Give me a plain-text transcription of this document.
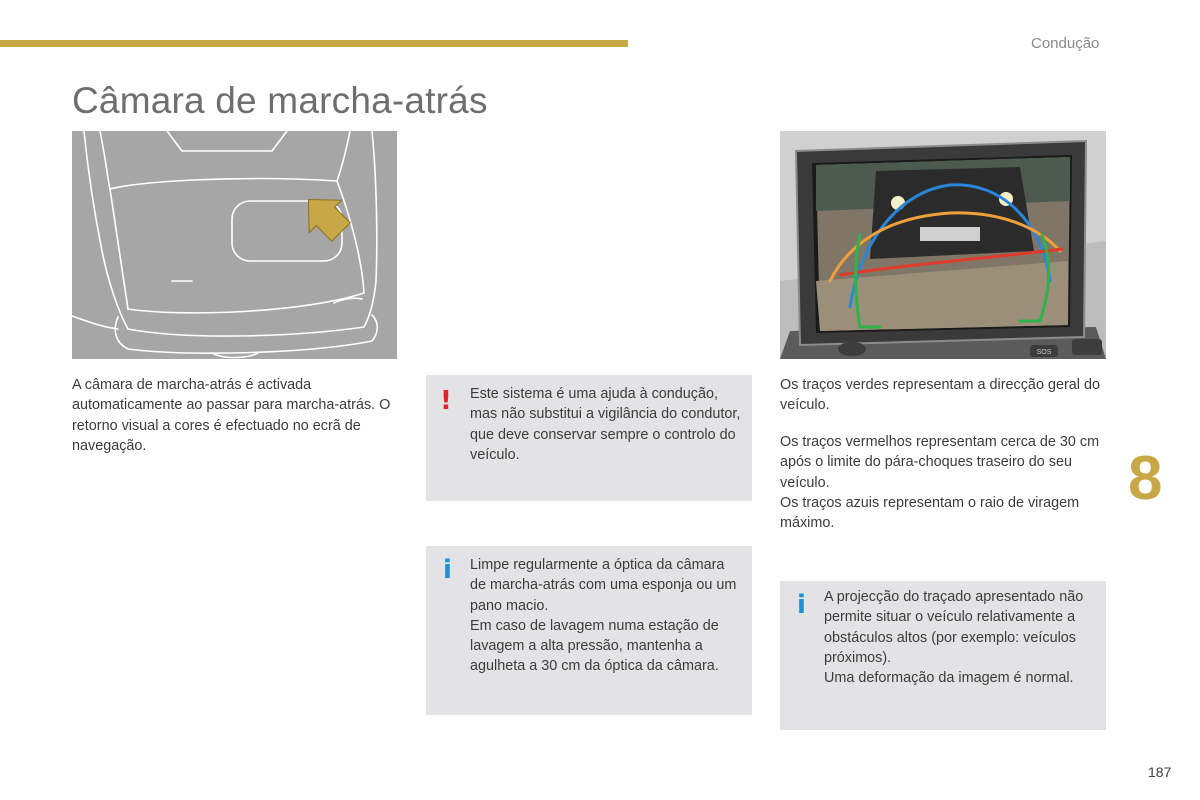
Condução
Câmara de marcha-atrás
SOS

A câmara de marcha-atrás é activada automaticamente ao passar para marcha-atrás. O retorno visual a cores é efectuado no ecrã de navegação.

! Este sistema é uma ajuda à condução, mas não substitui a vigilância do condutor, que deve conservar sempre o controlo do veículo.

i Limpe regularmente a óptica da câmara de marcha-atrás com uma esponja ou um pano macio.

Em caso de lavagem numa estação de lavagem a alta pressão, mantenha a agulheta a 30 cm da óptica da câmara.

Os traços verdes representam a direcção geral do veículo.

Os traços vermelhos representam cerca de 30 cm após o limite do pára-choques traseiro do seu veículo.

Os traços azuis representam o raio de viragem máximo.

i A projecção do traçado apresentado não permite situar o veículo relativamente a obstáculos altos (por exemplo: veículos próximos).

Uma deformação da imagem é normal.

8
187
